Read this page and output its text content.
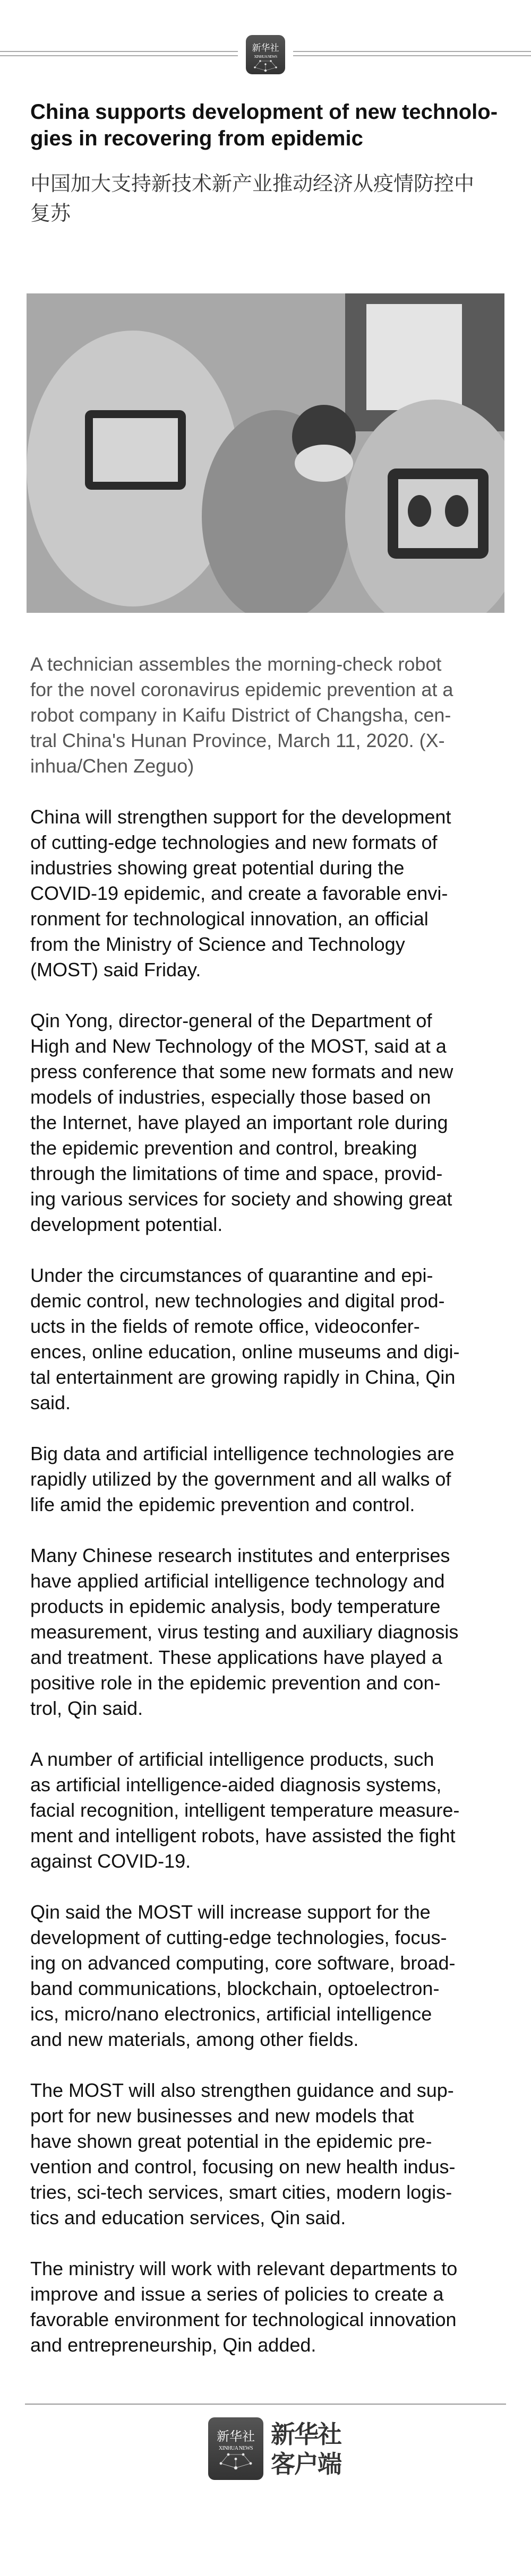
新华社
XINHUA NEWS
China supports development of new technolo-
gies in recovering from epidemic
中国加大支持新技术新产业推动经济从疫情防控中
复苏

A technician assembles the morning-check robot
for the novel coronavirus epidemic prevention at a
robot company in Kaifu District of Changsha, cen-
tral China's Hunan Province, March 11, 2020. (X-
inhua/Chen Zeguo)

China will strengthen support for the development
of cutting-edge technologies and new formats of
industries showing great potential during the
COVID-19 epidemic, and create a favorable envi-
ronment for technological innovation, an official
from the Ministry of Science and Technology
(MOST) said Friday.

Qin Yong, director-general of the Department of
High and New Technology of the MOST, said at a
press conference that some new formats and new
models of industries, especially those based on
the Internet, have played an important role during
the epidemic prevention and control, breaking
through the limitations of time and space, provid-
ing various services for society and showing great
development potential.

Under the circumstances of quarantine and epi-
demic control, new technologies and digital prod-
ucts in the fields of remote office, videoconfer-
ences, online education, online museums and digi-
tal entertainment are growing rapidly in China, Qin
said.

Big data and artificial intelligence technologies are
rapidly utilized by the government and all walks of
life amid the epidemic prevention and control.

Many Chinese research institutes and enterprises
have applied artificial intelligence technology and
products in epidemic analysis, body temperature
measurement, virus testing and auxiliary diagnosis
and treatment. These applications have played a
positive role in the epidemic prevention and con-
trol, Qin said.

A number of artificial intelligence products, such
as artificial intelligence-aided diagnosis systems,
facial recognition, intelligent temperature measure-
ment and intelligent robots, have assisted the fight
against COVID-19.

Qin said the MOST will increase support for the
development of cutting-edge technologies, focus-
ing on advanced computing, core software, broad-
band communications, blockchain, optoelectron-
ics, micro/nano electronics, artificial intelligence
and new materials, among other fields.

The MOST will also strengthen guidance and sup-
port for new businesses and new models that
have shown great potential in the epidemic pre-
vention and control, focusing on new health indus-
tries, sci-tech services, smart cities, modern logis-
tics and education services, Qin said.

The ministry will work with relevant departments to
improve and issue a series of policies to create a
favorable environment for technological innovation
and entrepreneurship, Qin added.

新华社
XINHUA NEWS 新华社
客户端
